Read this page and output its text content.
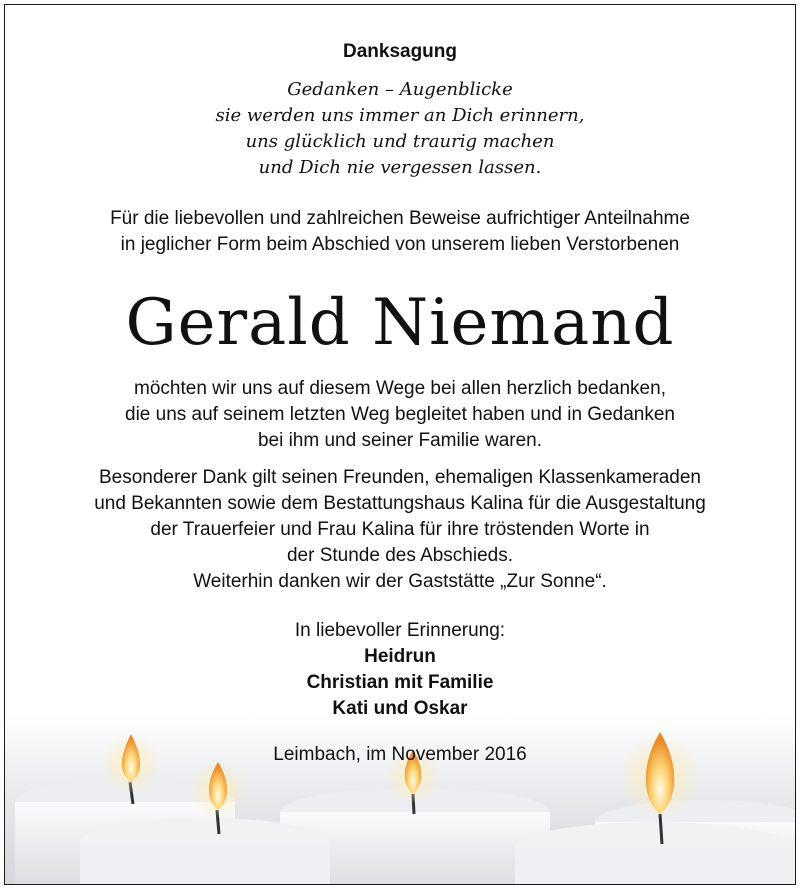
Danksagung
Gedanken – Augenblicke
sie werden uns immer an Dich erinnern,
uns glücklich und traurig machen
und Dich nie vergessen lassen.
Für die liebevollen und zahlreichen Beweise aufrichtiger Anteilnahme
in jeglicher Form beim Abschied von unserem lieben Verstorbenen
Gerald Niemand
möchten wir uns auf diesem Wege bei allen herzlich bedanken,
die uns auf seinem letzten Weg begleitet haben und in Gedanken
bei ihm und seiner Familie waren.
Besonderer Dank gilt seinen Freunden, ehemaligen Klassenkameraden
und Bekannten sowie dem Bestattungshaus Kalina für die Ausgestaltung
der Trauerfeier und Frau Kalina für ihre tröstenden Worte in
der Stunde des Abschieds.
Weiterhin danken wir der Gaststätte „Zur Sonne“.
In liebevoller Erinnerung:
Heidrun
Christian mit Familie
Kati und Oskar
Leimbach, im November 2016
